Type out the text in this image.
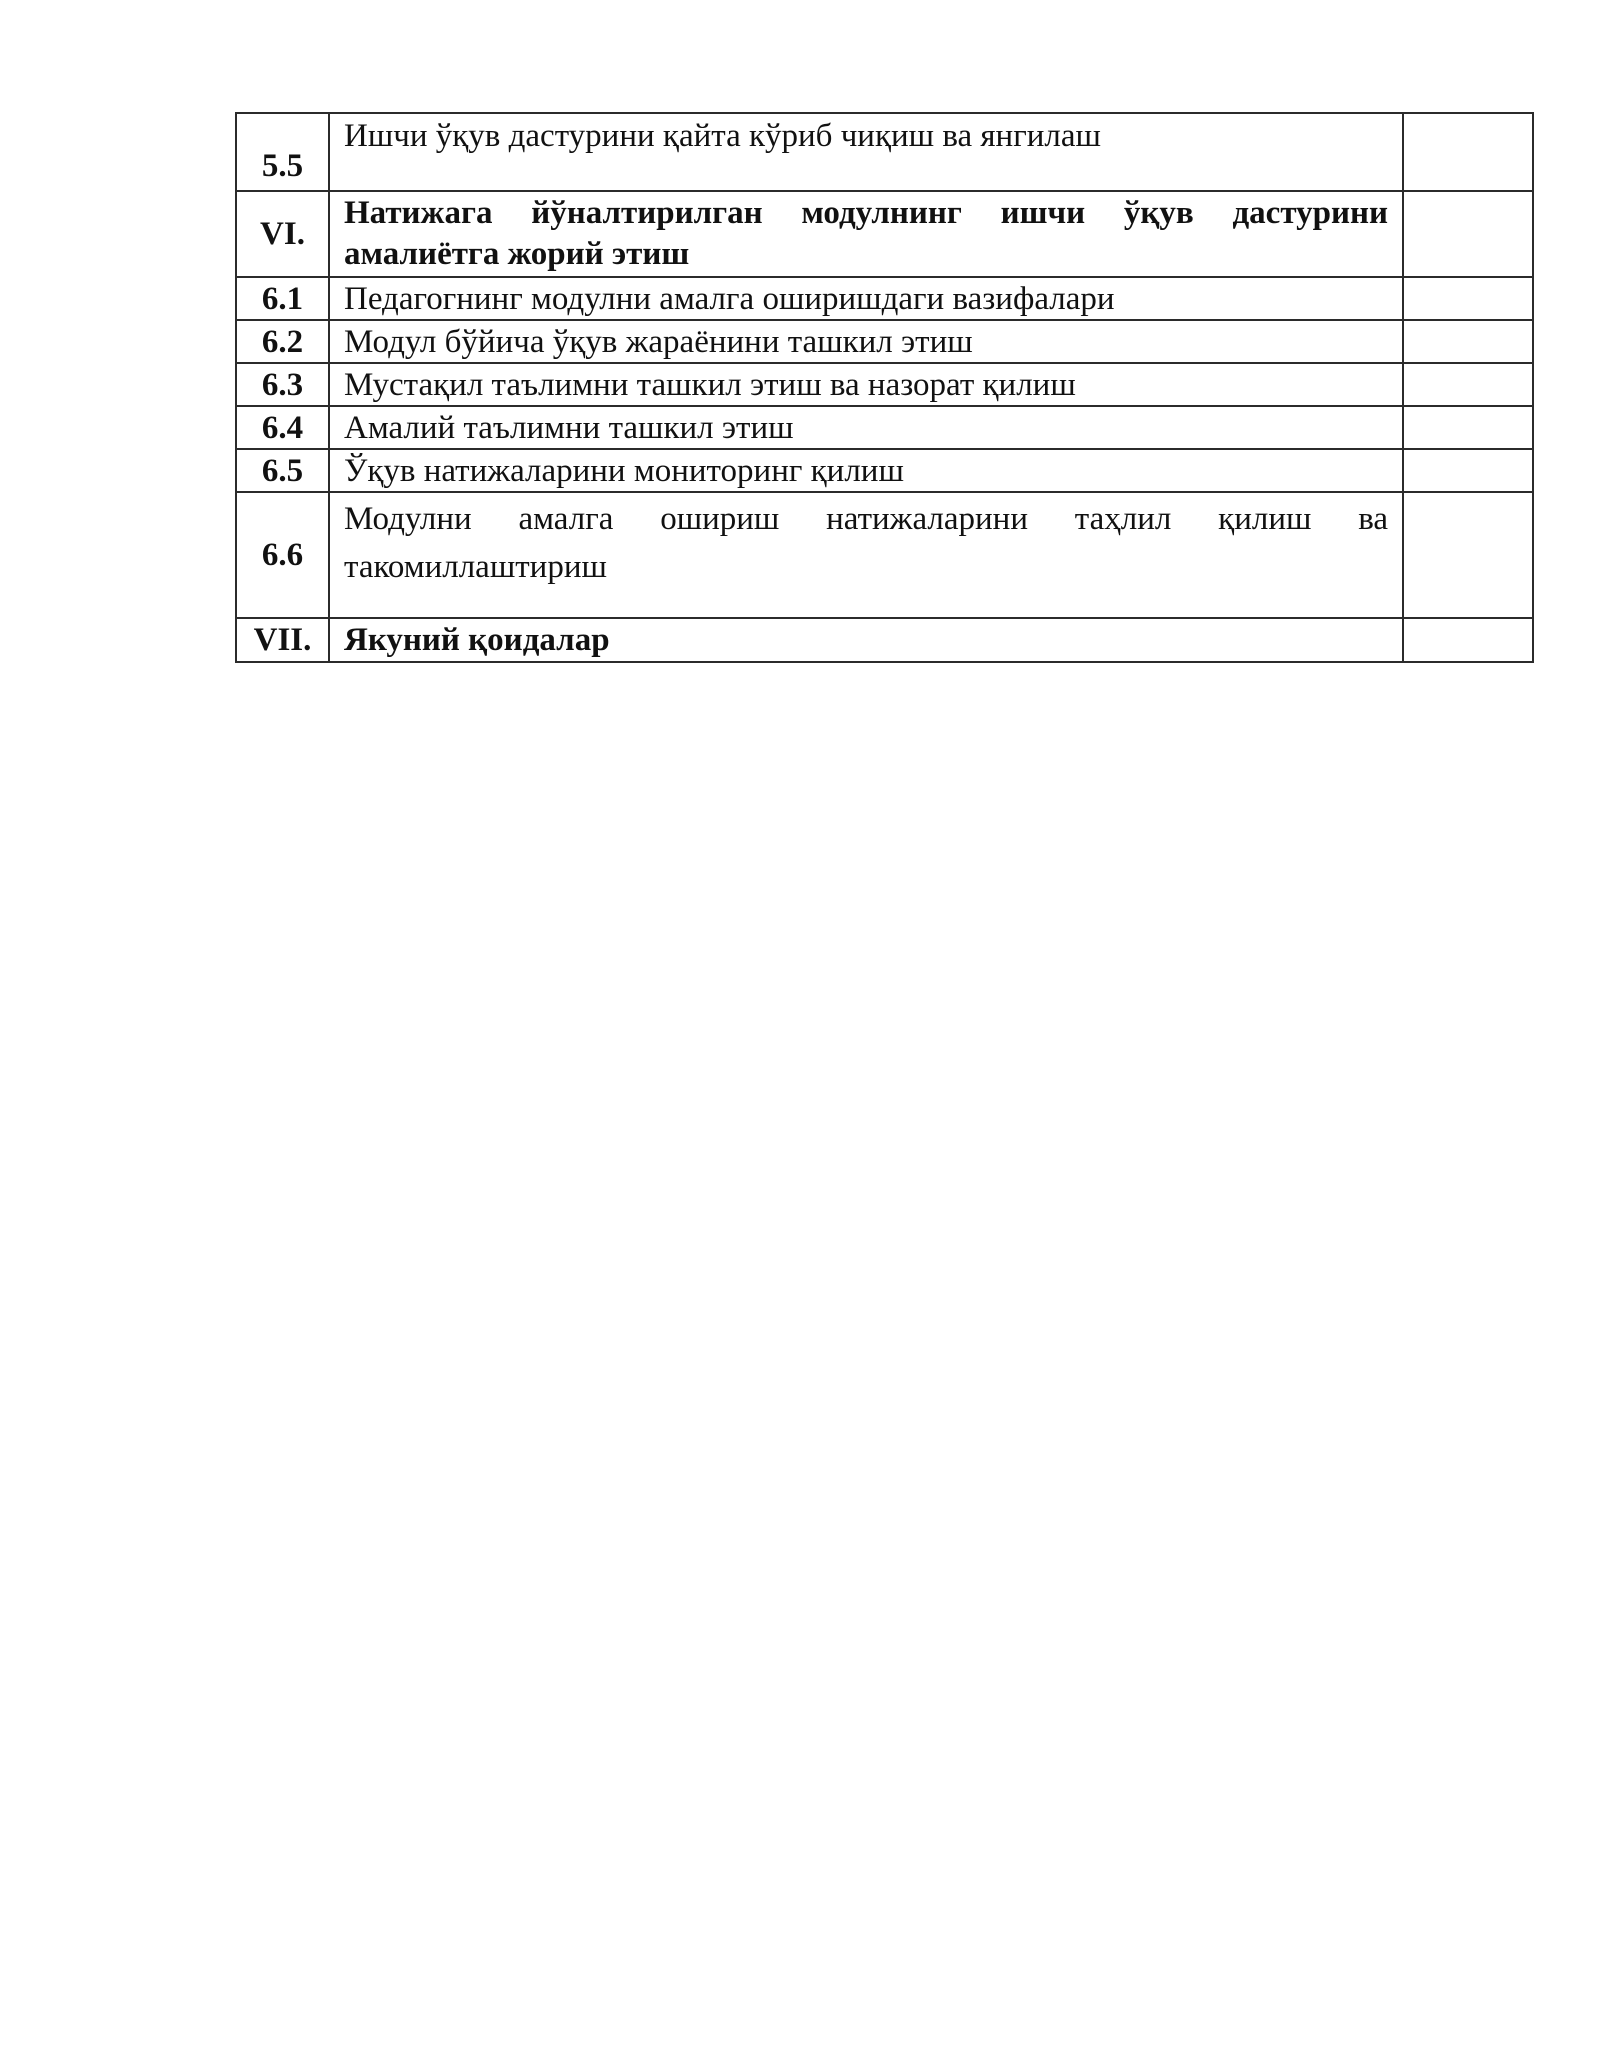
5.5	Ишчи ўқув дастурини қайта кўриб чиқиш ва янгилаш	
VI.	Натижага йўналтирилган модулнинг ишчи ўқув дастурини амалиётга жорий этиш	
6.1	Педагогнинг модулни амалга оширишдаги вазифалари	
6.2	Модул бўйича ўқув жараёнини ташкил этиш	
6.3	Мустақил таълимни ташкил этиш ва назорат қилиш	
6.4	Амалий таълимни ташкил этиш	
6.5	Ўқув натижаларини мониторинг қилиш	
6.6	Модулни амалга ошириш натижаларини таҳлил қилиш ва такомиллаштириш	
VII.	Якуний қоидалар	
